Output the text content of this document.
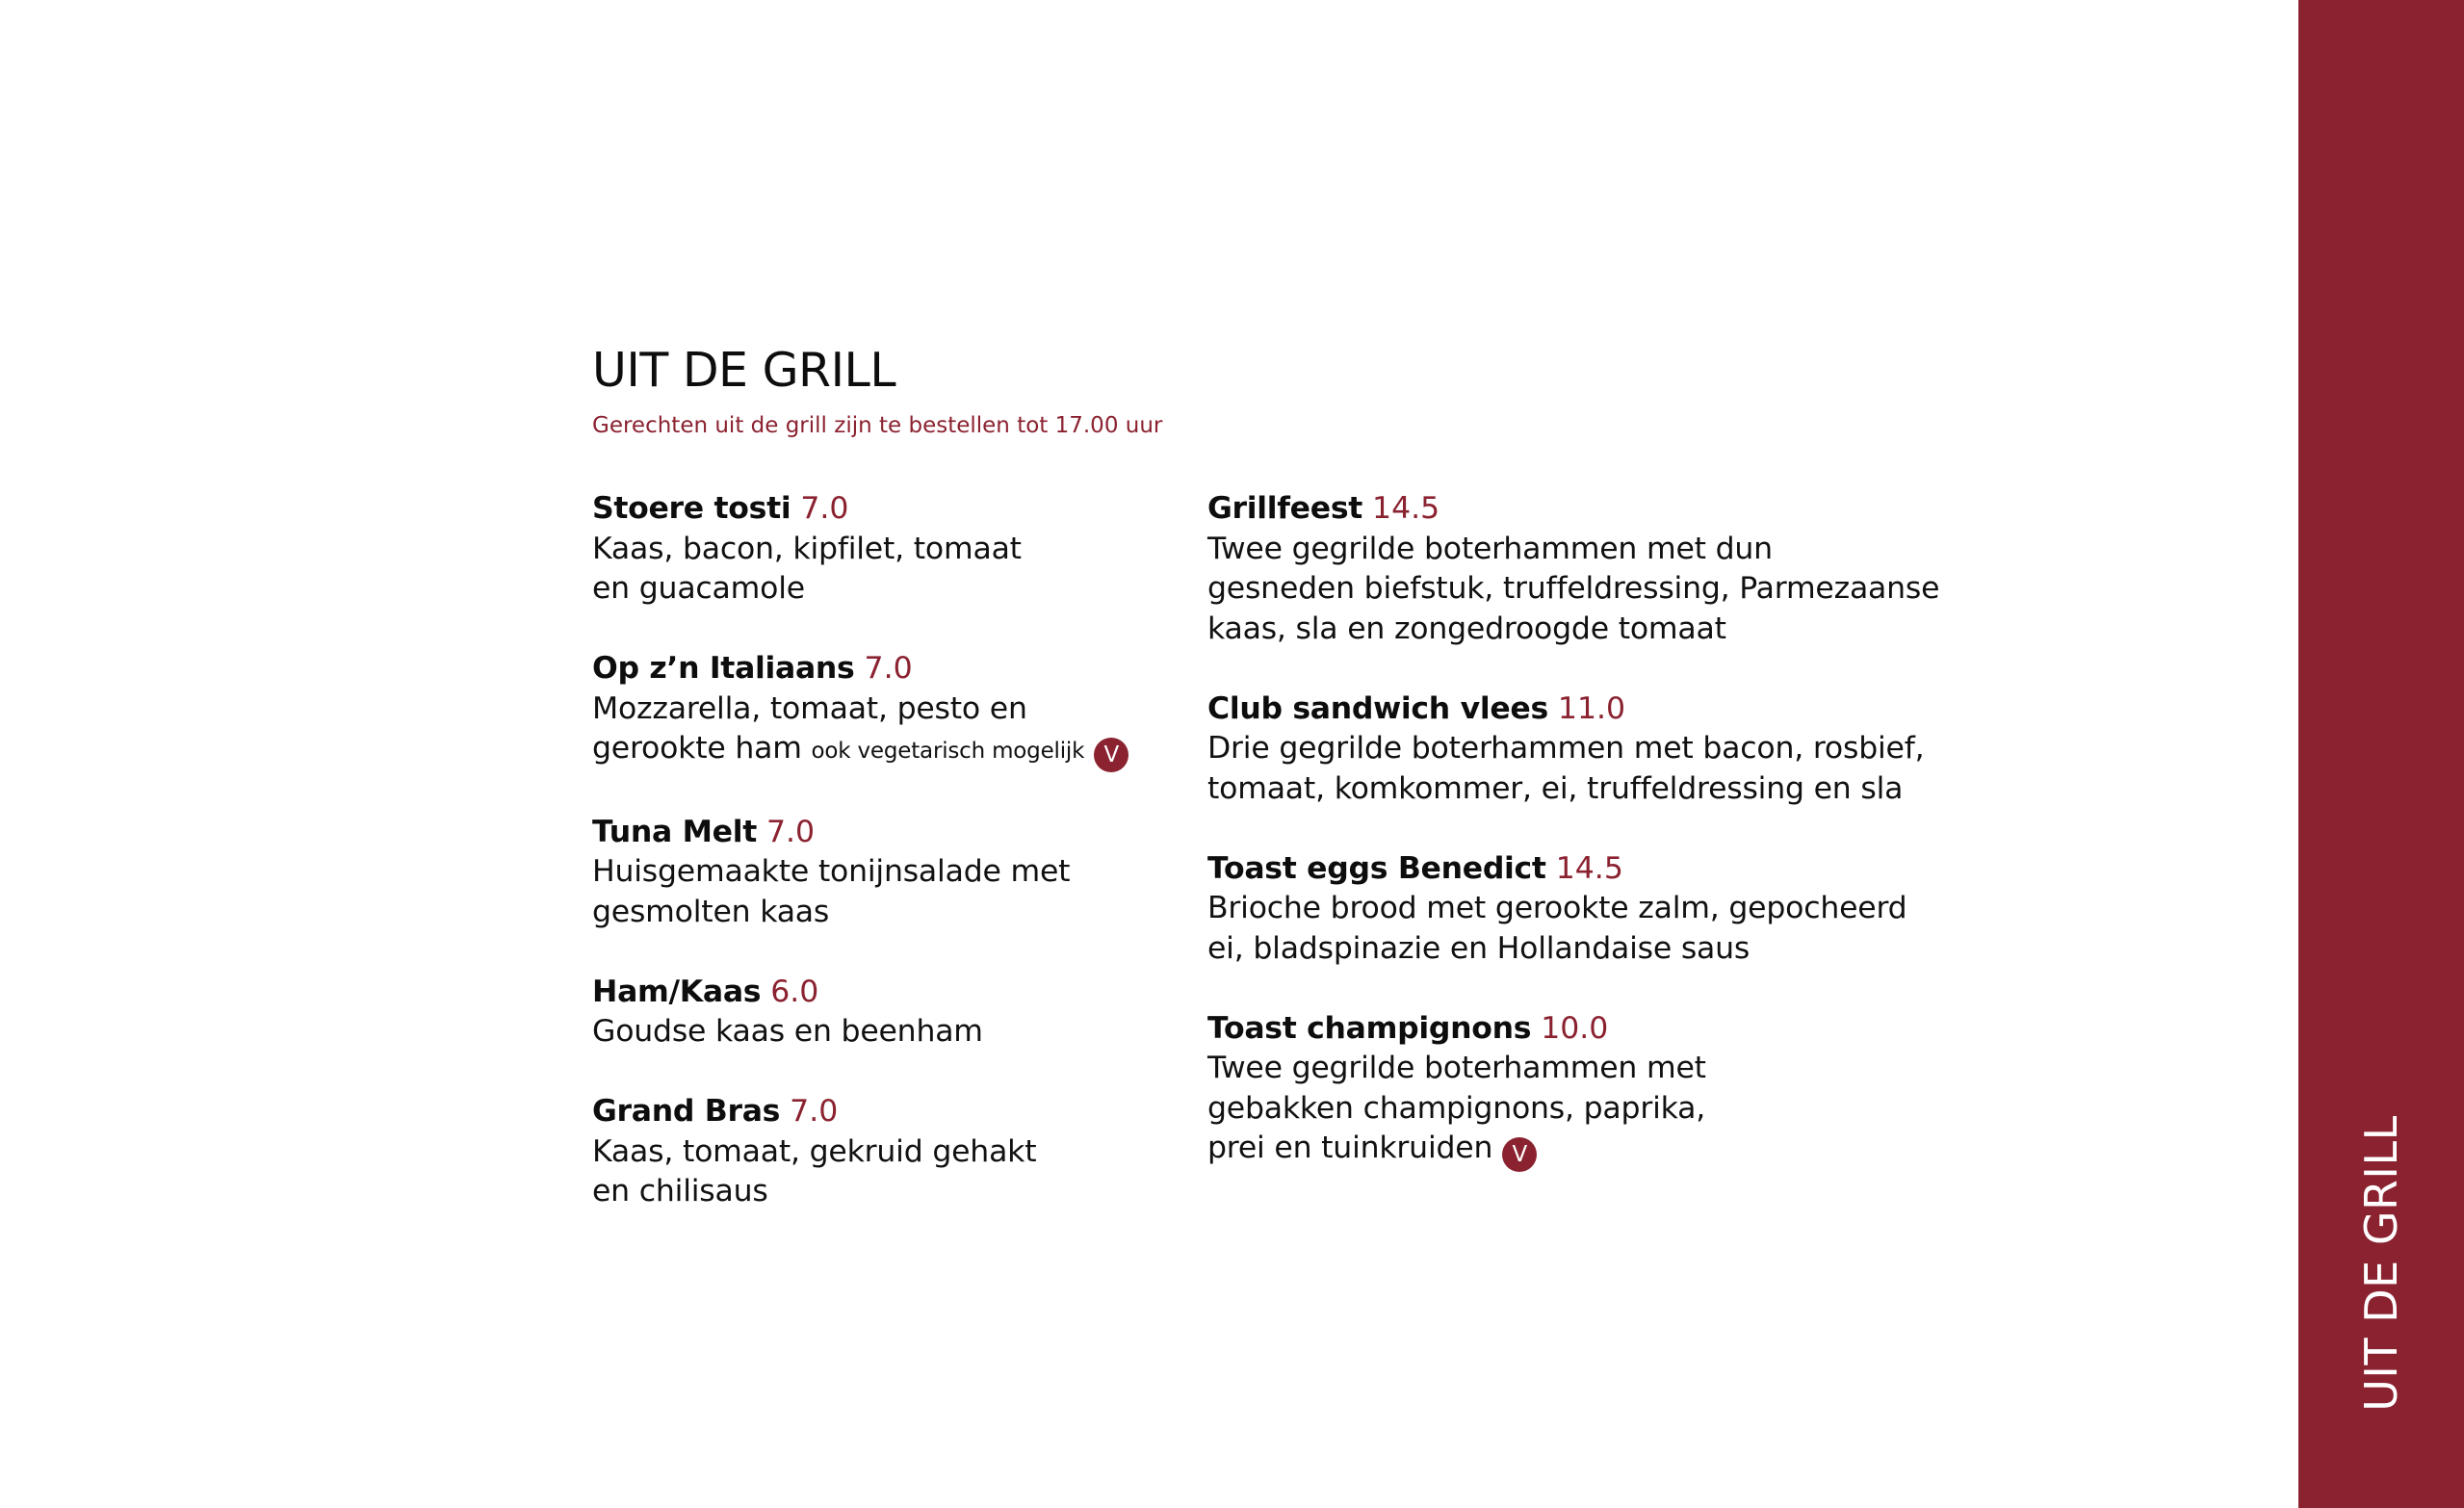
UIT DE GRILL

Gerechten uit de grill zijn te bestellen tot 17.00 uur

Stoere tosti 7.0
Kaas, bacon, kipfilet, tomaat
en guacamole
Op z’n Italiaans 7.0
Mozzarella, tomaat, pesto en
gerookte ham ook vegetarisch mogelijk V
Tuna Melt 7.0
Huisgemaakte tonijnsalade met
gesmolten kaas
Ham/Kaas 6.0
Goudse kaas en beenham
Grand Bras 7.0
Kaas, tomaat, gekruid gehakt
en chilisaus
Grillfeest 14.5
Twee gegrilde boterhammen met dun
gesneden biefstuk, truffeldressing, Parmezaanse
kaas, sla en zongedroogde tomaat
Club sandwich vlees 11.0
Drie gegrilde boterhammen met bacon, rosbief,
tomaat, komkommer, ei, truffeldressing en sla
Toast eggs Benedict 14.5
Brioche brood met gerookte zalm, gepocheerd
ei, bladspinazie en Hollandaise saus
Toast champignons 10.0
Twee gegrilde boterhammen met
gebakken champignons, paprika,
prei en tuinkruiden V	UIT DE GRILL
